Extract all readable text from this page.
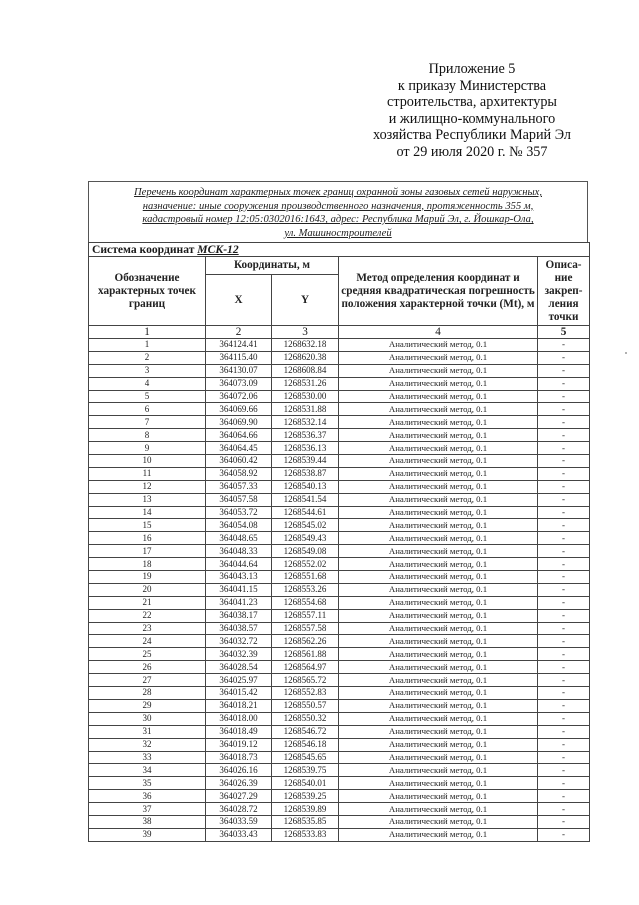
Приложение 5
к приказу Министерства
строительства, архитектуры
и жилищно-коммунального
хозяйства Республики Марий Эл
от 29 июля 2020 г. № 357
Перечень координат характерных точек границ охранной зоны газовых сетей наружных,
назначение: иные сооружения производственного назначения, протяженность 355 м,
кадастровый номер 12:05:0302016:1643, адрес: Республика Марий Эл, г. Йошкар-Ола,
ул. Машиностроителей
Система координат МСК-12				
Обозначение характерных точек границ	Координаты, м		Метод определения координат и средняя квадратическая погрешность положения характерной точки (Mt), м	Описа-ние закреп-ления точки
	X	Y		
1	2	3	4	5
1	364124.41	1268632.18	Аналитический метод, 0.1	-
2	364115.40	1268620.38	Аналитический метод, 0.1	-
3	364130.07	1268608.84	Аналитический метод, 0.1	-
4	364073.09	1268531.26	Аналитический метод, 0.1	-
5	364072.06	1268530.00	Аналитический метод, 0.1	-
6	364069.66	1268531.88	Аналитический метод, 0.1	-
7	364069.90	1268532.14	Аналитический метод, 0.1	-
8	364064.66	1268536.37	Аналитический метод, 0.1	-
9	364064.45	1268536.13	Аналитический метод, 0.1	-
10	364060.42	1268539.44	Аналитический метод, 0.1	-
11	364058.92	1268538.87	Аналитический метод, 0.1	-
12	364057.33	1268540.13	Аналитический метод, 0.1	-
13	364057.58	1268541.54	Аналитический метод, 0.1	-
14	364053.72	1268544.61	Аналитический метод, 0.1	-
15	364054.08	1268545.02	Аналитический метод, 0.1	-
16	364048.65	1268549.43	Аналитический метод, 0.1	-
17	364048.33	1268549.08	Аналитический метод, 0.1	-
18	364044.64	1268552.02	Аналитический метод, 0.1	-
19	364043.13	1268551.68	Аналитический метод, 0.1	-
20	364041.15	1268553.26	Аналитический метод, 0.1	-
21	364041.23	1268554.68	Аналитический метод, 0.1	-
22	364038.17	1268557.11	Аналитический метод, 0.1	-
23	364038.57	1268557.58	Аналитический метод, 0.1	-
24	364032.72	1268562.26	Аналитический метод, 0.1	-
25	364032.39	1268561.88	Аналитический метод, 0.1	-
26	364028.54	1268564.97	Аналитический метод, 0.1	-
27	364025.97	1268565.72	Аналитический метод, 0.1	-
28	364015.42	1268552.83	Аналитический метод, 0.1	-
29	364018.21	1268550.57	Аналитический метод, 0.1	-
30	364018.00	1268550.32	Аналитический метод, 0.1	-
31	364018.49	1268546.72	Аналитический метод, 0.1	-
32	364019.12	1268546.18	Аналитический метод, 0.1	-
33	364018.73	1268545.65	Аналитический метод, 0.1	-
34	364026.16	1268539.75	Аналитический метод, 0.1	-
35	364026.39	1268540.01	Аналитический метод, 0.1	-
36	364027.29	1268539.25	Аналитический метод, 0.1	-
37	364028.72	1268539.89	Аналитический метод, 0.1	-
38	364033.59	1268535.85	Аналитический метод, 0.1	-
39	364033.43	1268533.83	Аналитический метод, 0.1	-
